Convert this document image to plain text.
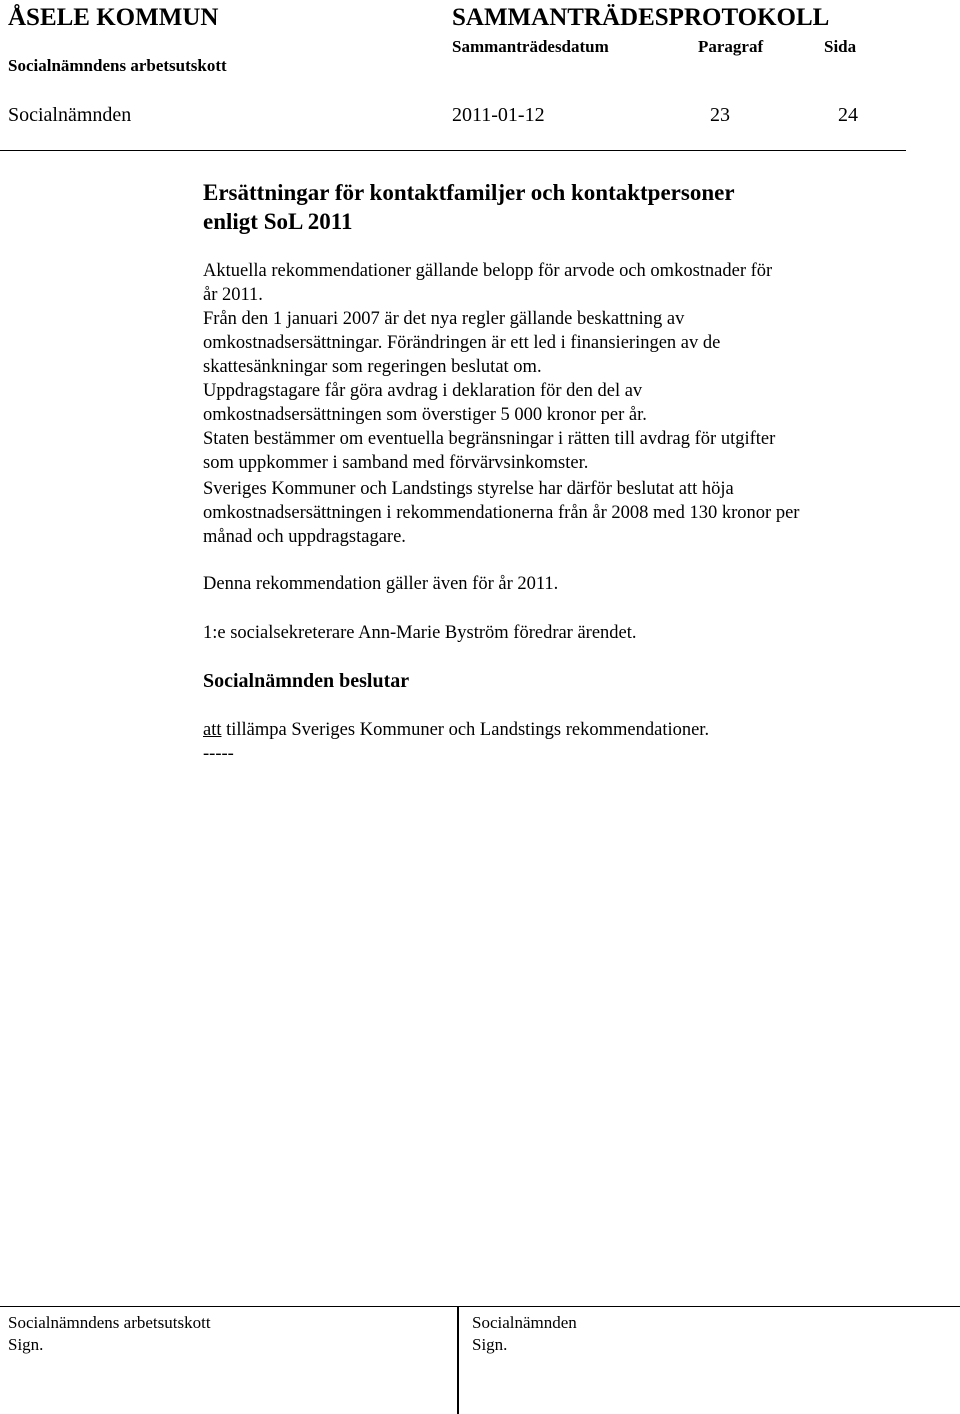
ÅSELE KOMMUN	SAMMANTRÄDESPROTOKOLL
Socialnämndens arbetsutskott
Sammanträdesdatum	Paragraf	Sida
Socialnämnden	2011-01-12	23	24
Ersättningar för kontaktfamiljer och kontaktpersoner
enligt SoL 2011
Aktuella rekommendationer gällande belopp för arvode och omkostnader för
år 2011.
Från den 1 januari 2007 är det nya regler gällande beskattning av
omkostnadsersättningar. Förändringen är ett led i finansieringen av de
skattesänkningar som regeringen beslutat om.
Uppdragstagare får göra avdrag i deklaration för den del av
omkostnadsersättningen som överstiger 5 000 kronor per år.
Staten bestämmer om eventuella begränsningar i rätten till avdrag för utgifter
som uppkommer i samband med förvärvsinkomster.
Sveriges Kommuner och Landstings styrelse har därför beslutat att höja
omkostnadsersättningen i rekommendationerna från år 2008 med 130 kronor per
månad och uppdragstagare.
Denna rekommendation gäller även för år 2011.
1:e socialsekreterare Ann-Marie Byström föredrar ärendet.
Socialnämnden beslutar
att tillämpa Sveriges Kommuner och Landstings rekommendationer.
-----
Socialnämndens arbetsutskott
Sign.
Socialnämnden
Sign.
